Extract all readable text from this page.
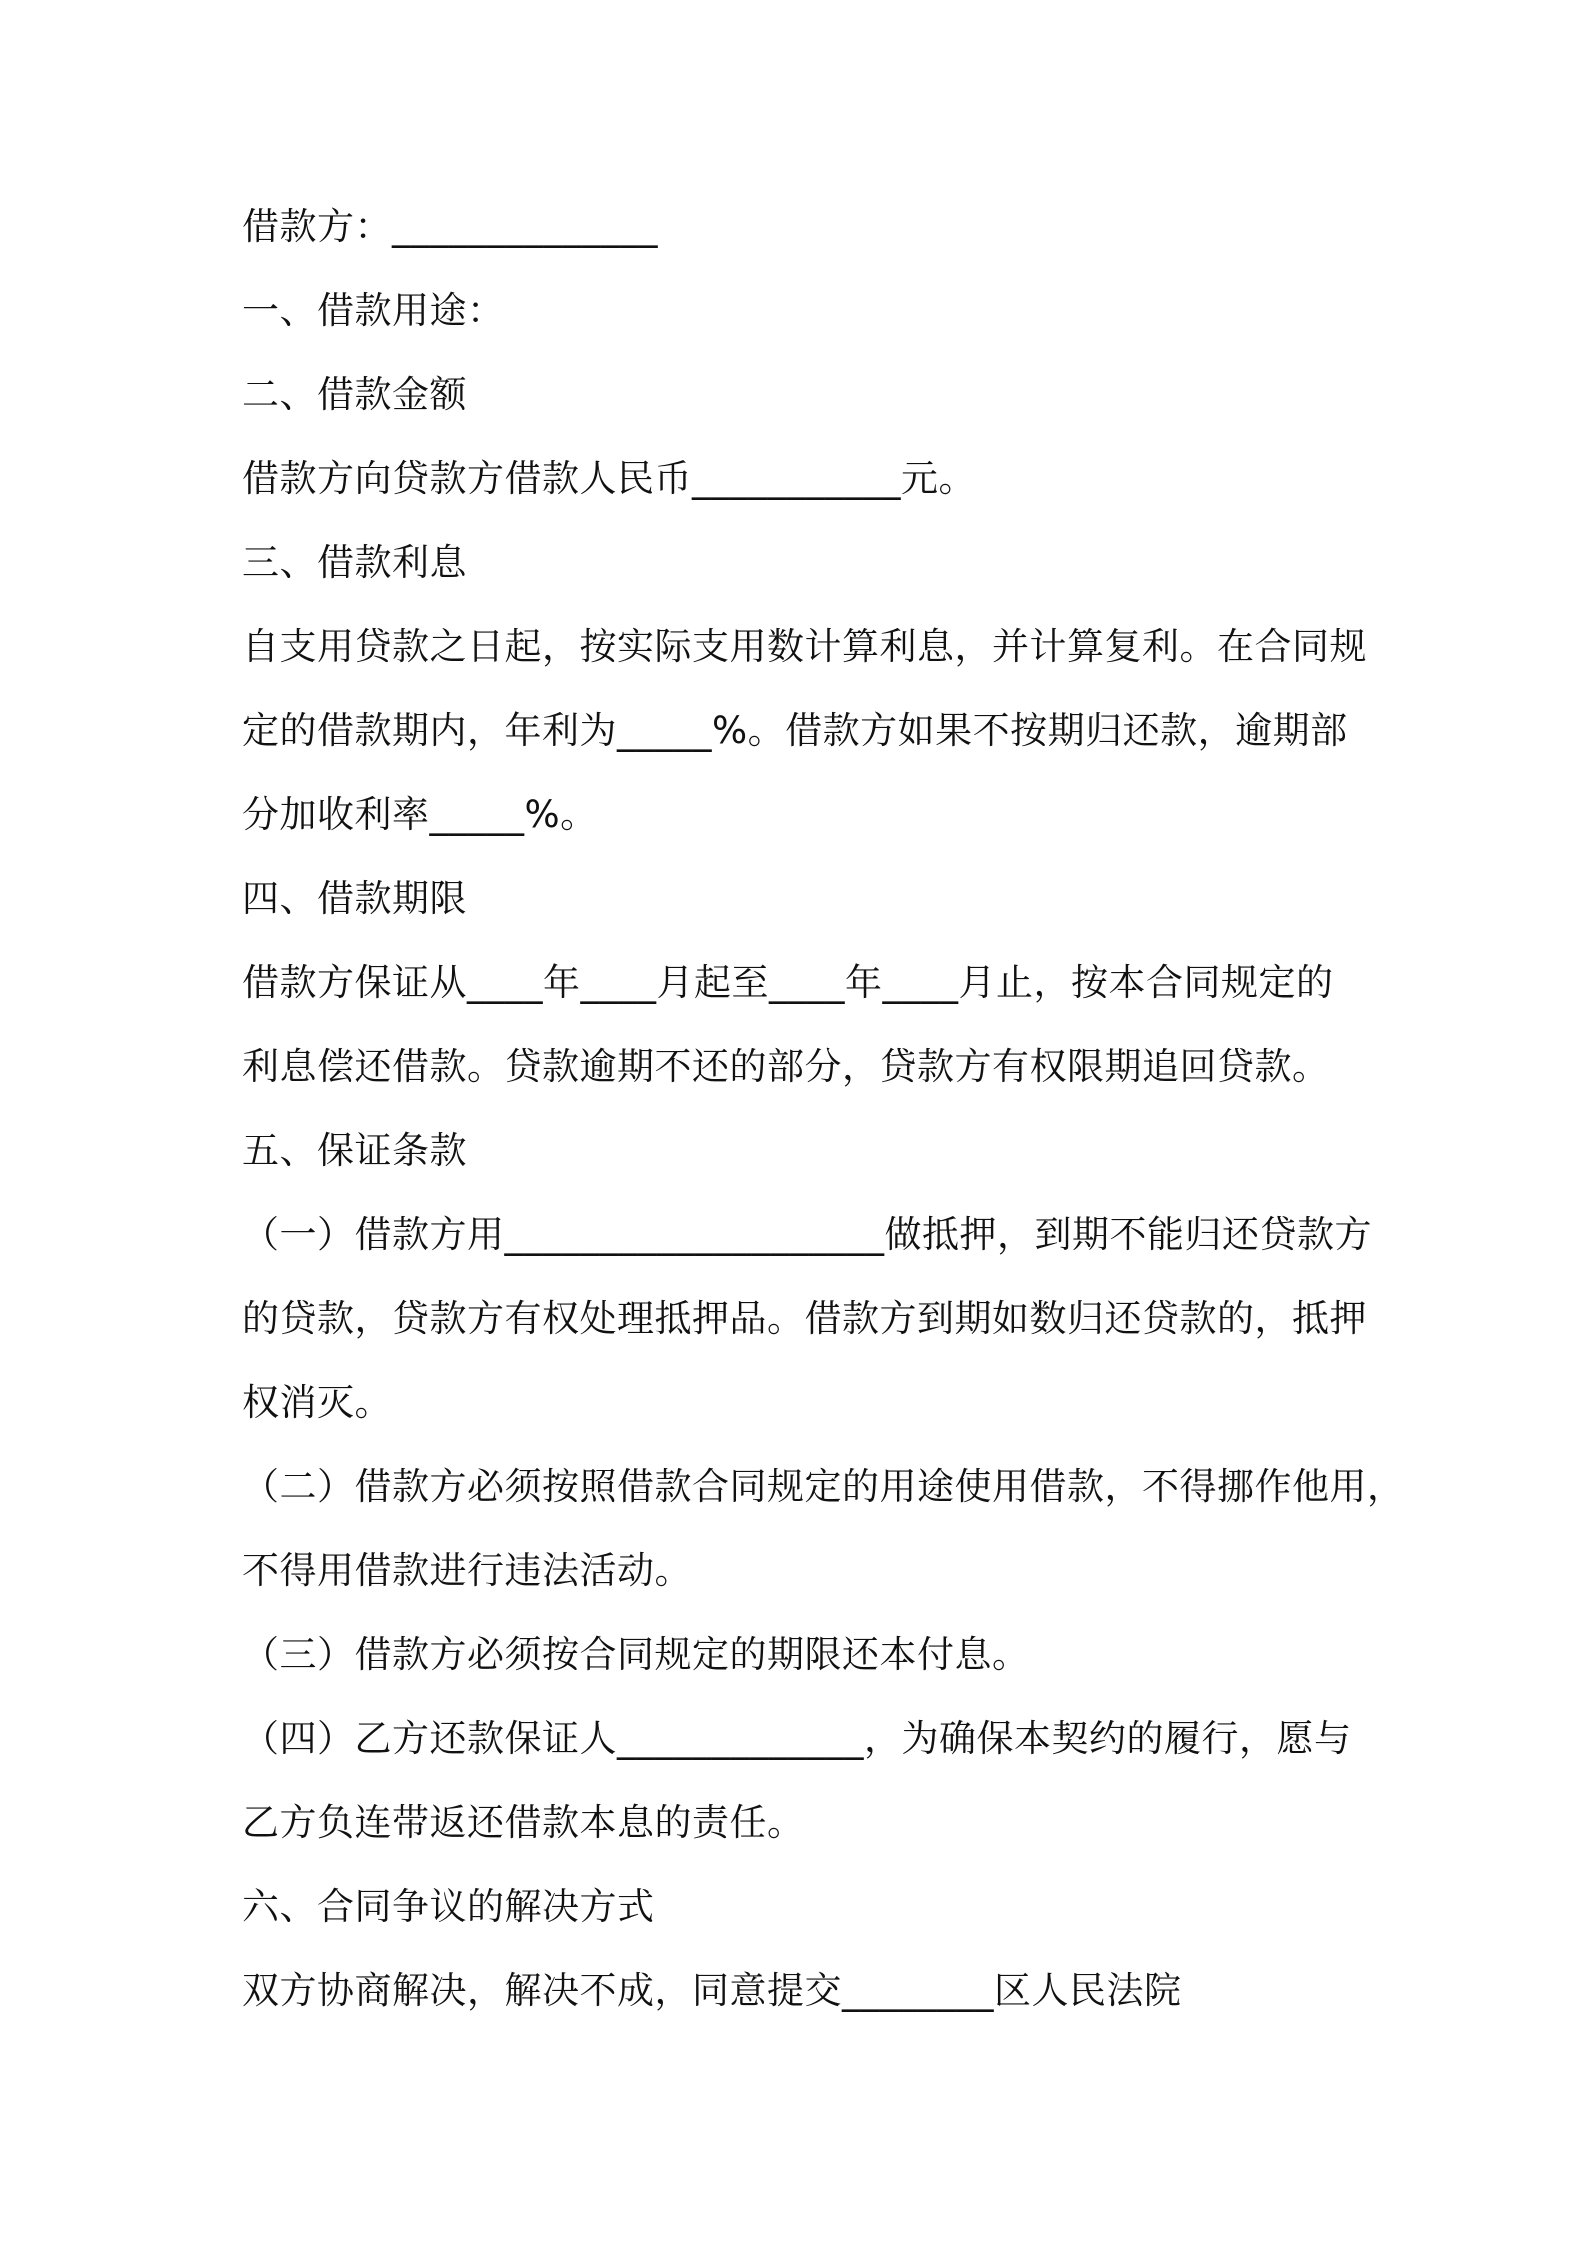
借款方：______________
一、借款用途：
二、借款金额
借款方向贷款方借款人民币___________元。
三、借款利息
自支用贷款之日起，按实际支用数计算利息，并计算复利。在合同规
定的借款期内，年利为_____%。借款方如果不按期归还款，逾期部
分加收利率_____%。
四、借款期限
借款方保证从____年____月起至____年____月止，按本合同规定的
利息偿还借款。贷款逾期不还的部分，贷款方有权限期追回贷款。
五、保证条款
（一）借款方用____________________做抵押，到期不能归还贷款方
的贷款，贷款方有权处理抵押品。借款方到期如数归还贷款的，抵押
权消灭。
（二）借款方必须按照借款合同规定的用途使用借款，不得挪作他用，
不得用借款进行违法活动。
（三）借款方必须按合同规定的期限还本付息。
（四）乙方还款保证人_____________，为确保本契约的履行，愿与
乙方负连带返还借款本息的责任。
六、合同争议的解决方式
双方协商解决，解决不成，同意提交________区人民法院
